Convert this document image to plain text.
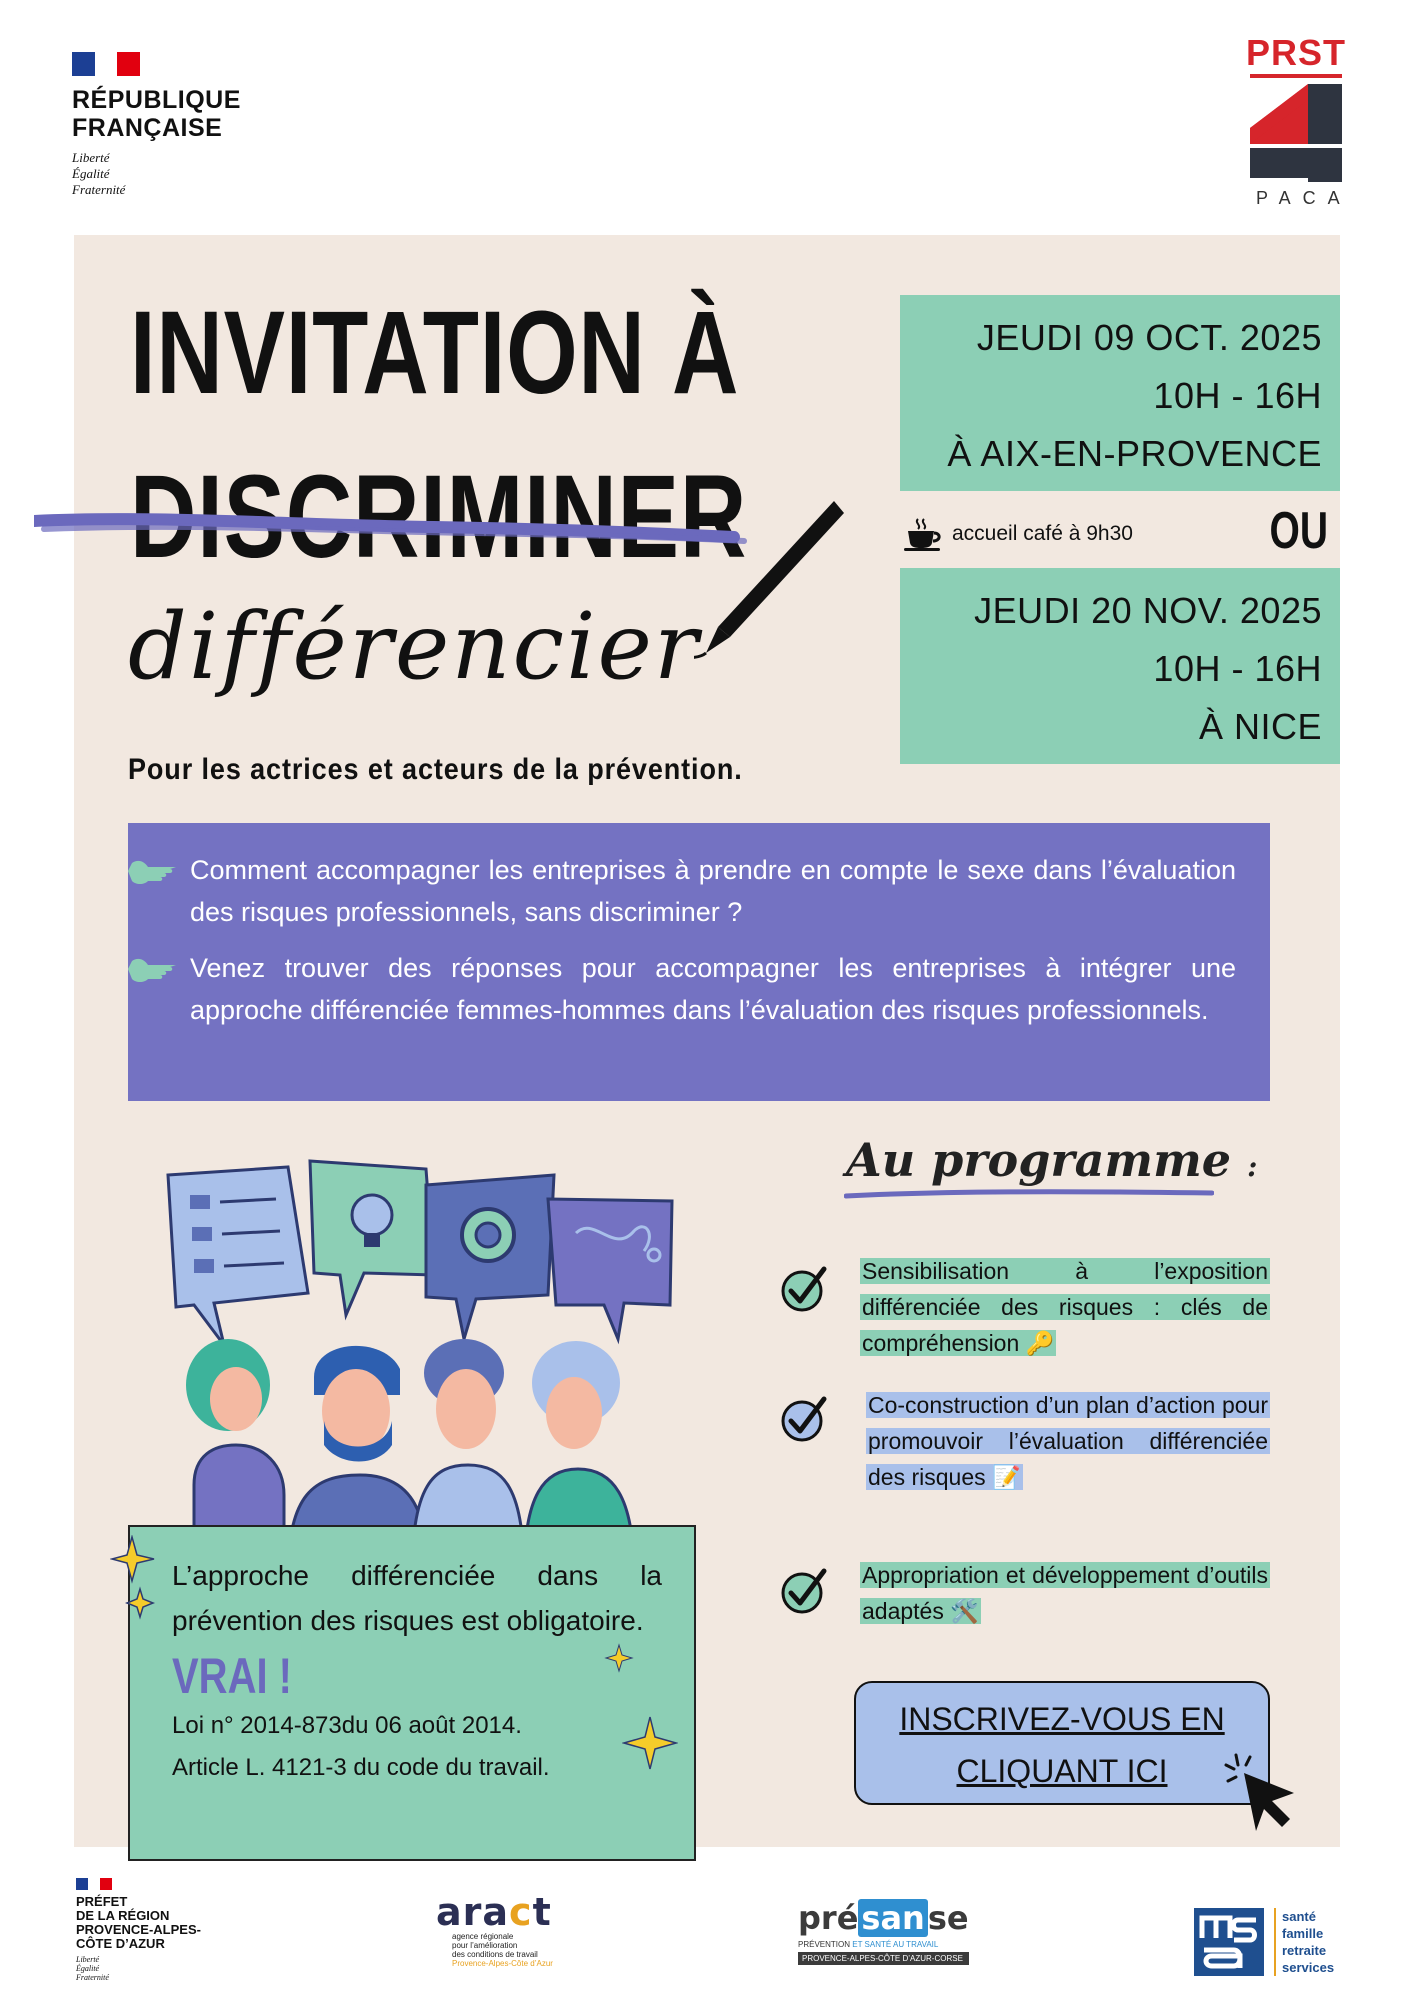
RÉPUBLIQUE
FRANÇAISE
Liberté
Égalité
Fraternité
PRST
PACA
INVITATION À
DISCRIMINER
différencier
Pour les actrices et acteurs de la prévention.
JEUDI 09 OCT. 2025
10H - 16H
À AIX-EN-PROVENCE
accueil café à 9h30	OU
JEUDI 20 NOV. 2025
10H - 16H
À NICE
Comment accompagner les entreprises à prendre en compte le sexe dans l’évaluation des risques professionnels, sans discriminer ?
Venez trouver des réponses pour accompagner les entreprises à intégrer une approche différenciée femmes-hommes dans l’évaluation des risques professionnels.
Au programme :
Sensibilisation à l’exposition différenciée des risques : clés de compréhension 🔑
Co-construction d’un plan d’action pour promouvoir l’évaluation différenciée des risques 📝
Appropriation et développement d’outils adaptés 🛠️
INSCRIVEZ-VOUS EN
CLIQUANT ICI
L’approche différenciée dans la prévention des risques est obligatoire.
VRAI !
Loi n° 2014-873du 06 août 2014.
Article L. 4121-3 du code du travail.
PRÉFET
DE LA RÉGION
PROVENCE-ALPES-
CÔTE D’AZUR
Liberté
Égalité
Fraternité
aract
agence régionale
pour l’amélioration
des conditions de travail
Provence-Alpes-Côte d’Azur
présanse
PRÉVENTION ET SANTÉ AU TRAVAIL
PROVENCE-ALPES-CÔTE D’AZUR-CORSE
santé
famille
retraite
services
